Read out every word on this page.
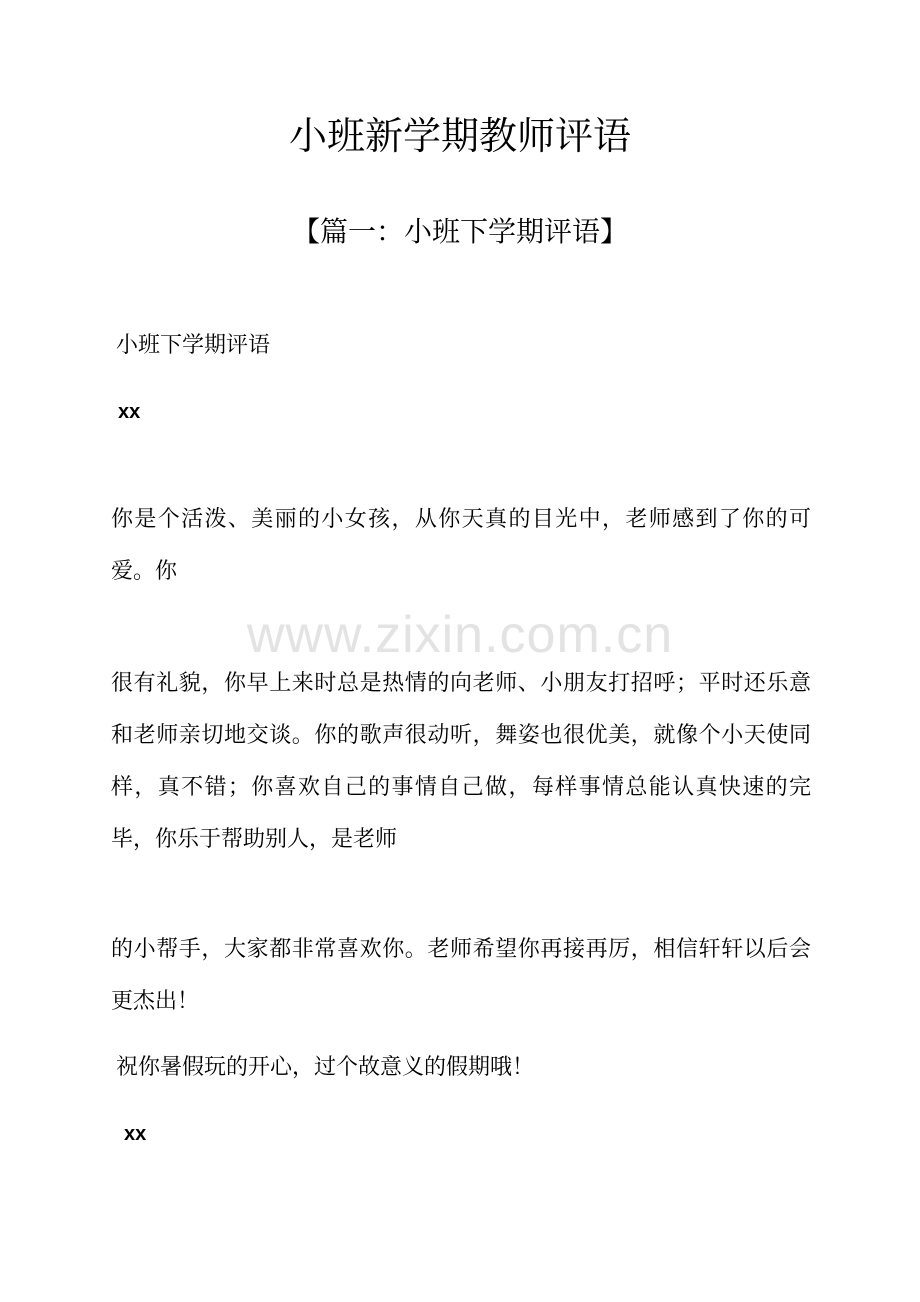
小班新学期教师评语
【篇一：小班下学期评语】

小班下学期评语

xx

你是个活泼、美丽的小女孩，从你天真的目光中，老师感到了你的可爱。你

www.zixin.com.cn

很有礼貌，你早上来时总是热情的向老师、小朋友打招呼；平时还乐意和老师亲切地交谈。你的歌声很动听，舞姿也很优美，就像个小天使同样，真不错；你喜欢自己的事情自己做，每样事情总能认真快速的完毕，你乐于帮助别人，是老师

的小帮手，大家都非常喜欢你。老师希望你再接再厉，相信轩轩以后会更杰出！

祝你暑假玩的开心，过个故意义的假期哦！

xx
